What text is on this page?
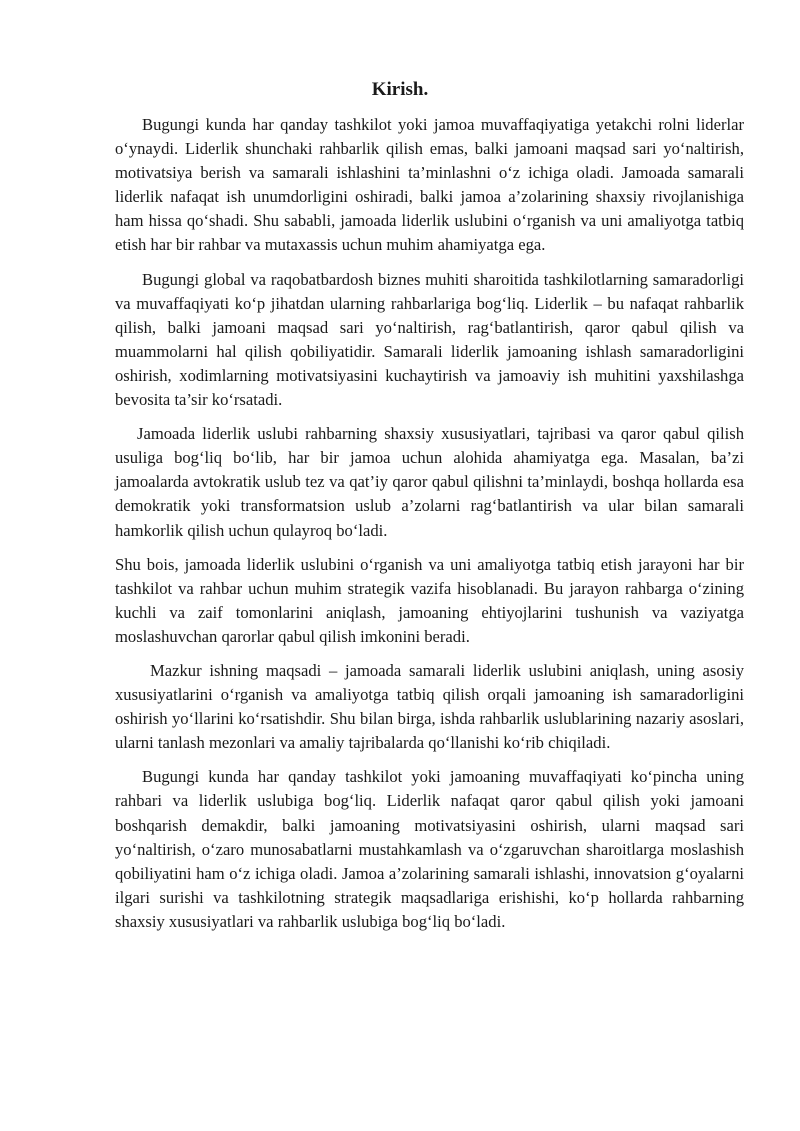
Kirish.

Bugungi kunda har qanday tashkilot yoki jamoa muvaffaqiyatiga yetakchi rolni liderlar o‘ynaydi. Liderlik shunchaki rahbarlik qilish emas, balki jamoani maqsad sari yo‘naltirish, motivatsiya berish va samarali ishlashini ta’minlashni o‘z ichiga oladi. Jamoada samarali liderlik nafaqat ish unumdorligini oshiradi, balki jamoa a’zolarining shaxsiy rivojlanishiga ham hissa qo‘shadi. Shu sababli, jamoada liderlik uslubini o‘rganish va uni amaliyotga tatbiq etish har bir rahbar va mutaxassis uchun muhim ahamiyatga ega.

Bugungi global va raqobatbardosh biznes muhiti sharoitida tashkilotlarning samaradorligi va muvaffaqiyati ko‘p jihatdan ularning rahbarlariga bog‘liq. Liderlik – bu nafaqat rahbarlik qilish, balki jamoani maqsad sari yo‘naltirish, rag‘batlantirish, qaror qabul qilish va muammolarni hal qilish qobiliyatidir. Samarali liderlik jamoaning ishlash samaradorligini oshirish, xodimlarning motivatsiyasini kuchaytirish va jamoaviy ish muhitini yaxshilashga bevosita ta’sir ko‘rsatadi.

Jamoada liderlik uslubi rahbarning shaxsiy xususiyatlari, tajribasi va qaror qabul qilish usuliga bog‘liq bo‘lib, har bir jamoa uchun alohida ahamiyatga ega. Masalan, ba’zi jamoalarda avtokratik uslub tez va qat’iy qaror qabul qilishni ta’minlaydi, boshqa hollarda esa demokratik yoki transformatsion uslub a’zolarni rag‘batlantirish va ular bilan samarali hamkorlik qilish uchun qulayroq bo‘ladi.

Shu bois, jamoada liderlik uslubini o‘rganish va uni amaliyotga tatbiq etish jarayoni har bir tashkilot va rahbar uchun muhim strategik vazifa hisoblanadi. Bu jarayon rahbarga o‘zining kuchli va zaif tomonlarini aniqlash, jamoaning ehtiyojlarini tushunish va vaziyatga moslashuvchan qarorlar qabul qilish imkonini beradi.

Mazkur ishning maqsadi – jamoada samarali liderlik uslubini aniqlash, uning asosiy xususiyatlarini o‘rganish va amaliyotga tatbiq qilish orqali jamoaning ish samaradorligini oshirish yo‘llarini ko‘rsatishdir. Shu bilan birga, ishda rahbarlik uslublarining nazariy asoslari, ularni tanlash mezonlari va amaliy tajribalarda qo‘llanishi ko‘rib chiqiladi.

Bugungi kunda har qanday tashkilot yoki jamoaning muvaffaqiyati ko‘pincha uning rahbari va liderlik uslubiga bog‘liq. Liderlik nafaqat qaror qabul qilish yoki jamoani boshqarish demakdir, balki jamoaning motivatsiyasini oshirish, ularni maqsad sari yo‘naltirish, o‘zaro munosabatlarni mustahkamlash va o‘zgaruvchan sharoitlarga moslashish qobiliyatini ham o‘z ichiga oladi. Jamoa a’zolarining samarali ishlashi, innovatsion g‘oyalarni ilgari surishi va tashkilotning strategik maqsadlariga erishishi, ko‘p hollarda rahbarning shaxsiy xususiyatlari va rahbarlik uslubiga bog‘liq bo‘ladi.
